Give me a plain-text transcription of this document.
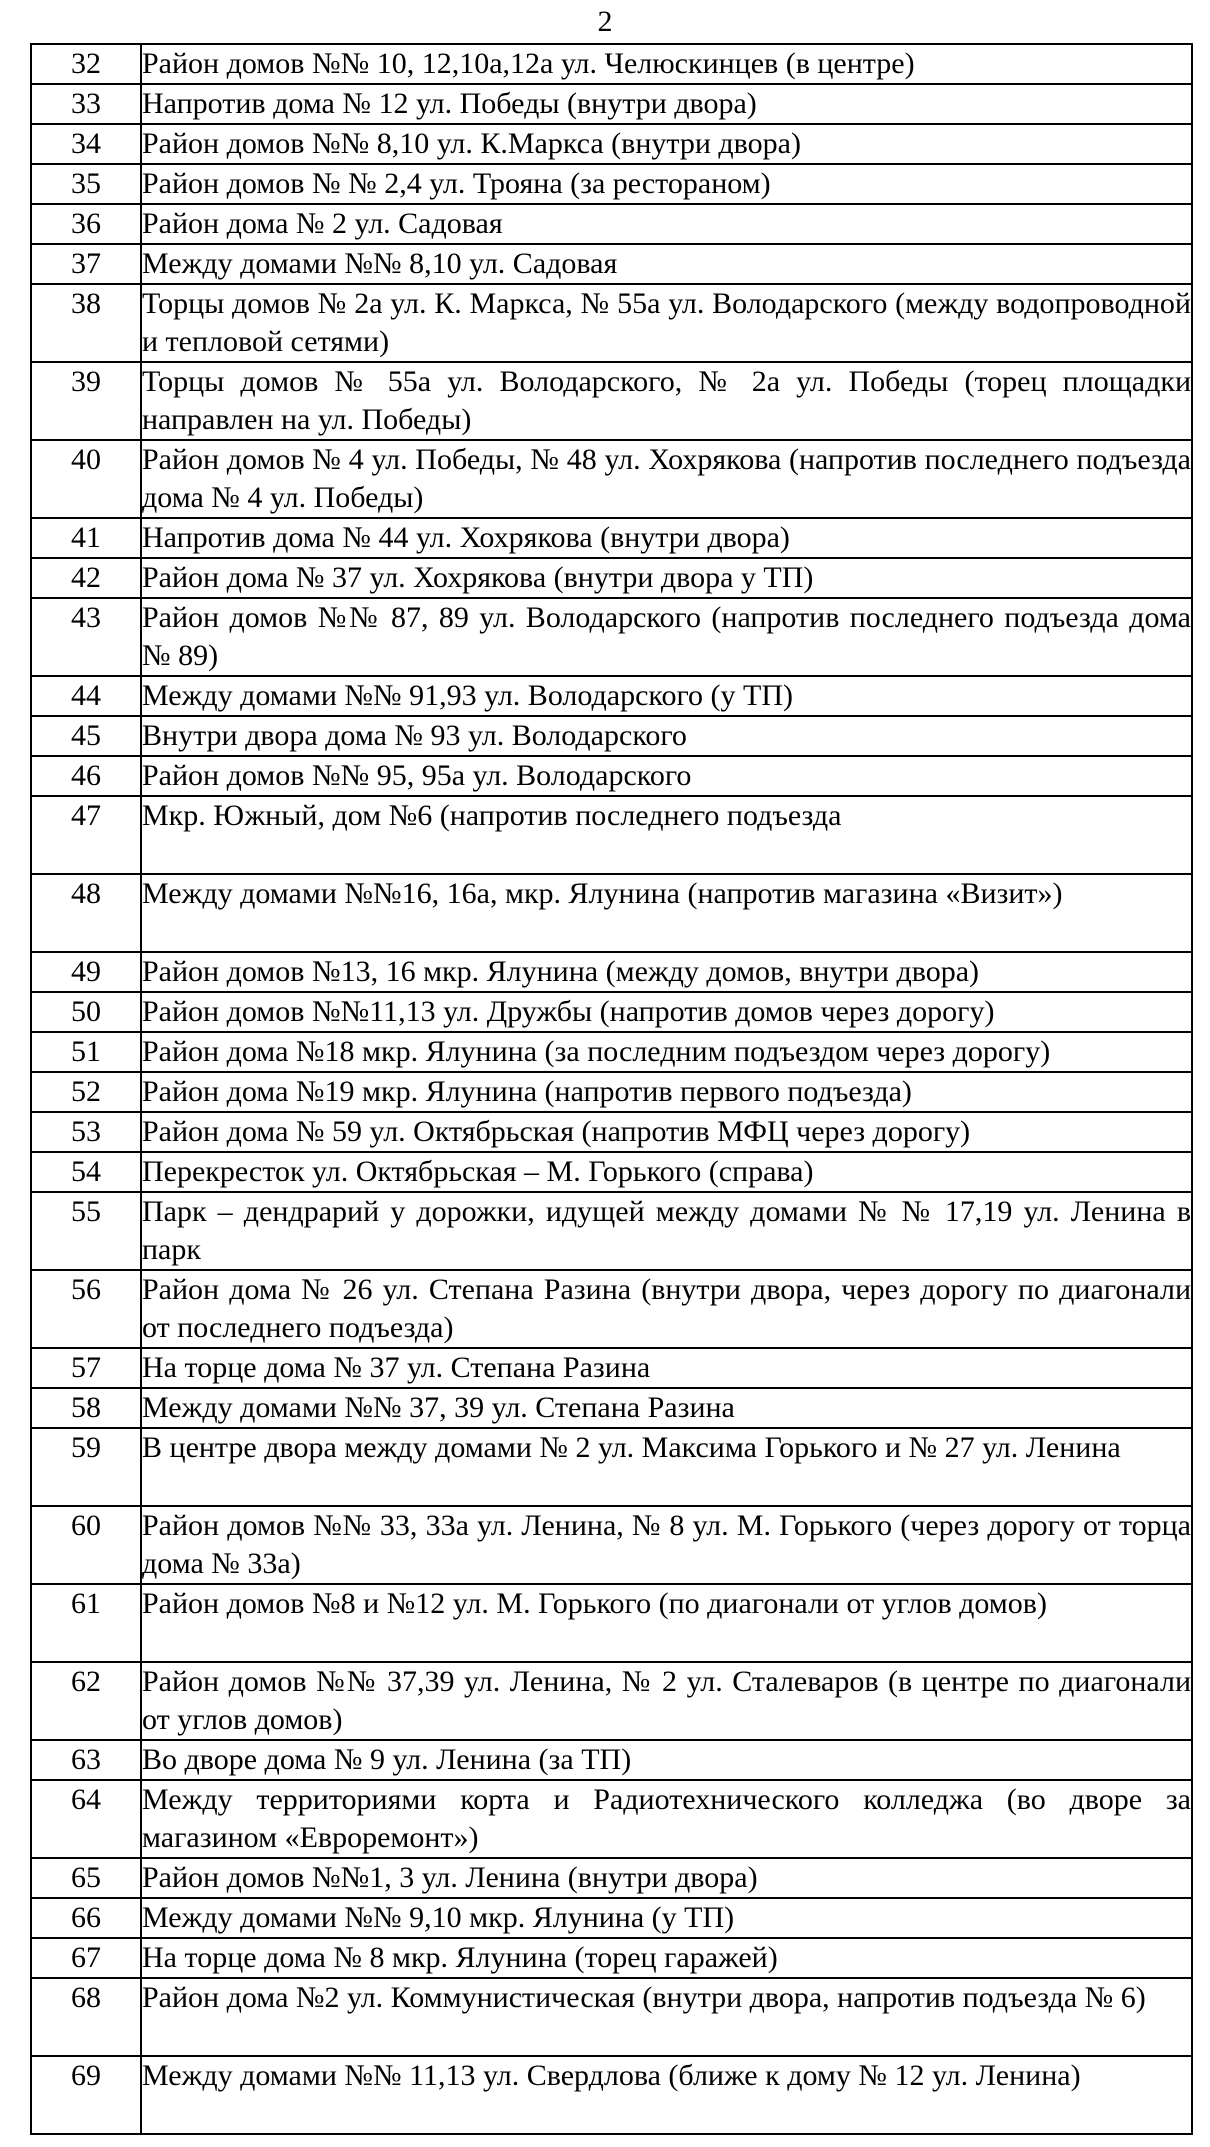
2
32	Район домов №№ 10, 12,10а,12а ул. Челюскинцев (в центре)
33	Напротив дома № 12 ул. Победы (внутри двора)
34	Район домов №№ 8,10 ул. К.Маркса (внутри двора)
35	Район домов № № 2,4 ул. Трояна (за рестораном)
36	Район дома № 2 ул. Садовая
37	Между домами №№ 8,10 ул. Садовая
38	Торцы домов № 2а ул. К. Маркса, № 55а ул. Володарского (между водопроводной и тепловой сетями)
39	Торцы домов № 55а ул. Володарского, № 2а ул. Победы (торец площадки направлен на ул. Победы)
40	Район домов № 4 ул. Победы, № 48 ул. Хохрякова (напротив последнего подъезда дома № 4 ул. Победы)
41	Напротив дома № 44 ул. Хохрякова (внутри двора)
42	Район дома № 37 ул. Хохрякова (внутри двора у ТП)
43	Район домов №№ 87, 89 ул. Володарского (напротив последнего подъезда дома № 89)
44	Между домами №№ 91,93 ул. Володарского (у ТП)
45	Внутри двора дома № 93 ул. Володарского
46	Район домов №№ 95, 95а ул. Володарского
47	Мкр. Южный, дом №6 (напротив последнего подъезда
48	Между домами №№16, 16а, мкр. Ялунина (напротив магазина «Визит»)
49	Район домов №13, 16 мкр. Ялунина (между домов, внутри двора)
50	Район домов №№11,13 ул. Дружбы (напротив домов через дорогу)
51	Район дома №18 мкр. Ялунина (за последним подъездом через дорогу)
52	Район дома №19 мкр. Ялунина (напротив первого подъезда)
53	Район дома № 59 ул. Октябрьская (напротив МФЦ через дорогу)
54	Перекресток ул. Октябрьская – М. Горького (справа)
55	Парк – дендрарий у дорожки, идущей между домами № № 17,19 ул. Ленина в парк
56	Район дома № 26 ул. Степана Разина (внутри двора, через дорогу по диагонали от последнего подъезда)
57	На торце дома № 37 ул. Степана Разина
58	Между домами №№ 37, 39 ул. Степана Разина
59	В центре двора между домами № 2 ул. Максима Горького и № 27 ул. Ленина
60	Район домов №№ 33, 33а ул. Ленина, № 8 ул. М. Горького (через дорогу от торца дома № 33а)
61	Район домов №8 и №12 ул. М. Горького (по диагонали от углов домов)
62	Район домов №№ 37,39 ул. Ленина, № 2 ул. Сталеваров (в центре по диагонали от углов домов)
63	Во дворе дома № 9 ул. Ленина (за ТП)
64	Между территориями корта и Радиотехнического колледжа (во дворе за магазином «Евроремонт»)
65	Район домов №№1, 3 ул. Ленина (внутри двора)
66	Между домами №№ 9,10 мкр. Ялунина (у ТП)
67	На торце дома № 8 мкр. Ялунина (торец гаражей)
68	Район дома №2 ул. Коммунистическая (внутри двора, напротив подъезда № 6)
69	Между домами №№ 11,13 ул. Свердлова (ближе к дому № 12 ул. Ленина)
